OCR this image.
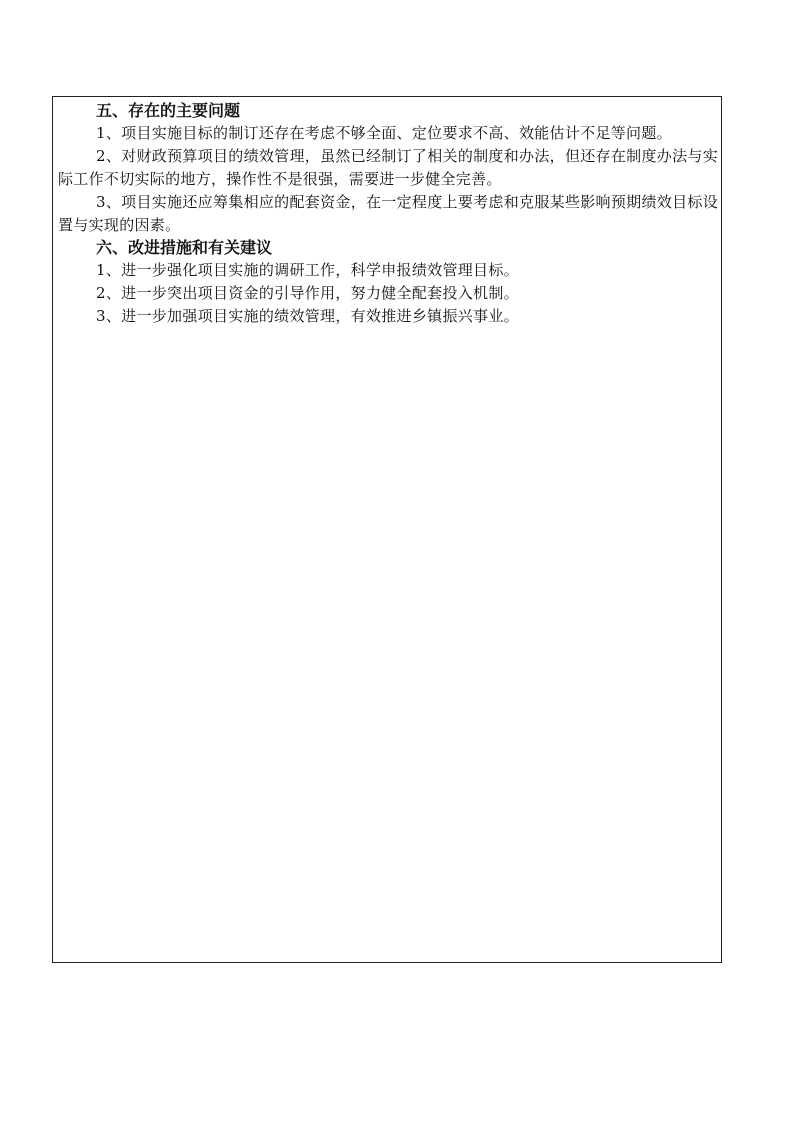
五、存在的主要问题

1、项目实施目标的制订还存在考虑不够全面、定位要求不高、效能估计不足等问题。

2、对财政预算项目的绩效管理，虽然已经制订了相关的制度和办法，但还存在制度办法与实际工作不切实际的地方，操作性不是很强，需要进一步健全完善。

3、项目实施还应筹集相应的配套资金，在一定程度上要考虑和克服某些影响预期绩效目标设置与实现的因素。

六、改进措施和有关建议

1、进一步强化项目实施的调研工作，科学申报绩效管理目标。

2、进一步突出项目资金的引导作用，努力健全配套投入机制。

3、进一步加强项目实施的绩效管理，有效推进乡镇振兴事业。
